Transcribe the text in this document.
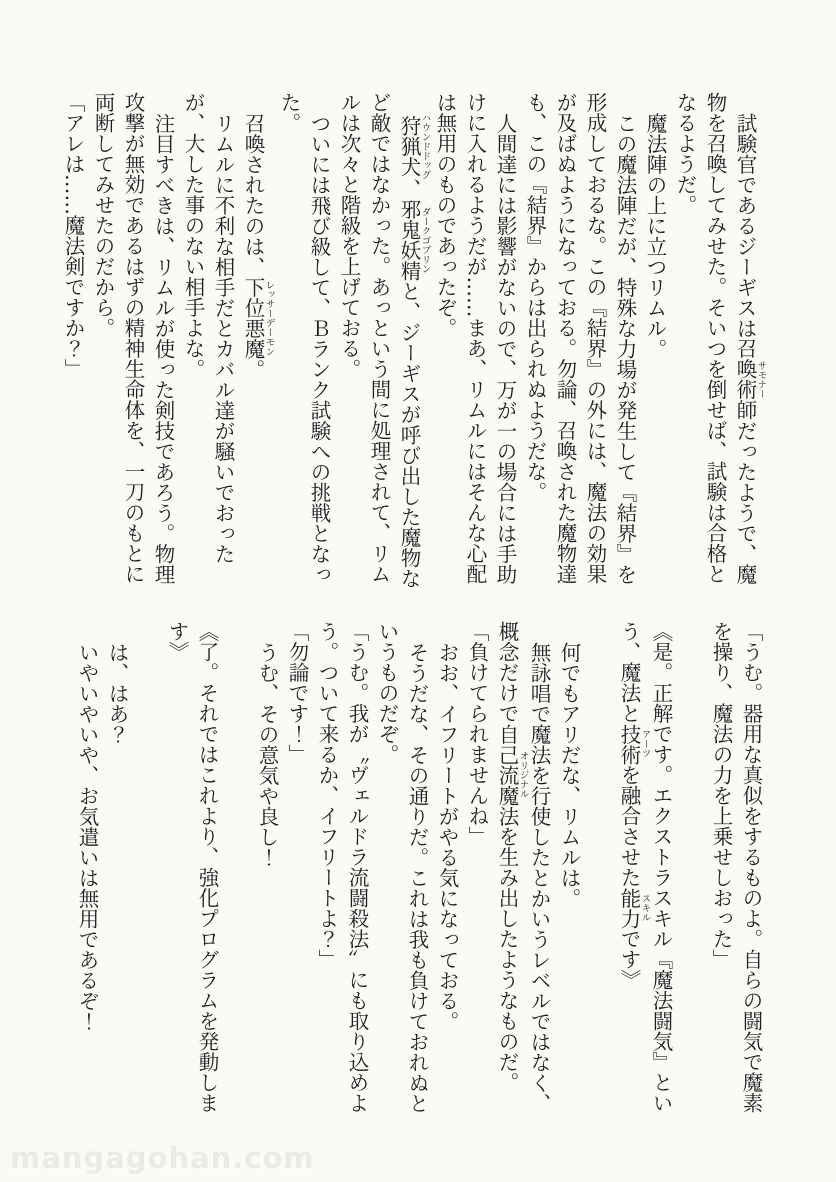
試験官であるジーギスは召喚術師サモナーだったようで、魔物を召喚してみせた。そいつを倒せば、試験は合格となるようだ。

魔法陣の上に立つリムル。

この魔法陣だが、特殊な力場が発生して『結界』を形成しておるな。この『結界』の外には、魔法の効果が及ばぬようになっておる。勿論、召喚された魔物達も、この『結界』からは出られぬようだな。

人間達には影響がないので、万が一の場合には手助けに入れるようだが……まあ、リムルにはそんな心配は無用のものであったぞ。

狩猟犬ハウンドドッグ、邪鬼妖精ダークゴブリンと、ジーギスが呼び出した魔物など敵ではなかった。あっという間に処理されて、リムルは次々と階級を上げておる。

ついには飛び級して、Ｂランク試験への挑戦となった。

召喚されたのは、下位悪魔レッサーデーモン。

リムルに不利な相手だとカバル達が騒いでおったが、大した事のない相手よな。

注目すべきは、リムルが使った剣技であろう。物理攻撃が無効であるはずの精神生命体を、一刀のもとに両断してみせたのだから。

「アレは……魔法剣ですか？」

「うむ。器用な真似をするものよ。自らの闘気で魔素を操り、魔法の力を上乗せしおった」

《是。正解です。エクストラスキル『魔法闘気』という、魔法と技術アーツを融合させた能力スキルです》

何でもアリだな、リムルは。

無詠唱で魔法を行使したとかいうレベルではなく、概念だけで自己流魔法オリジナルを生み出したようなものだ。

「負けてられませんね」

おお、イフリートがやる気になっておる。

そうだな、その通りだ。これは我も負けておれぬというものだぞ。

「うむ。我が〝ヴェルドラ流闘殺法〟にも取り込めよう。ついて来るか、イフリートよ？」

「勿論です！」

うむ、その意気や良し！

《了。それではこれより、強化プログラムを発動します》

は、はあ？

いやいやいや、お気遣いは無用であるぞ！

mangagohan.com
